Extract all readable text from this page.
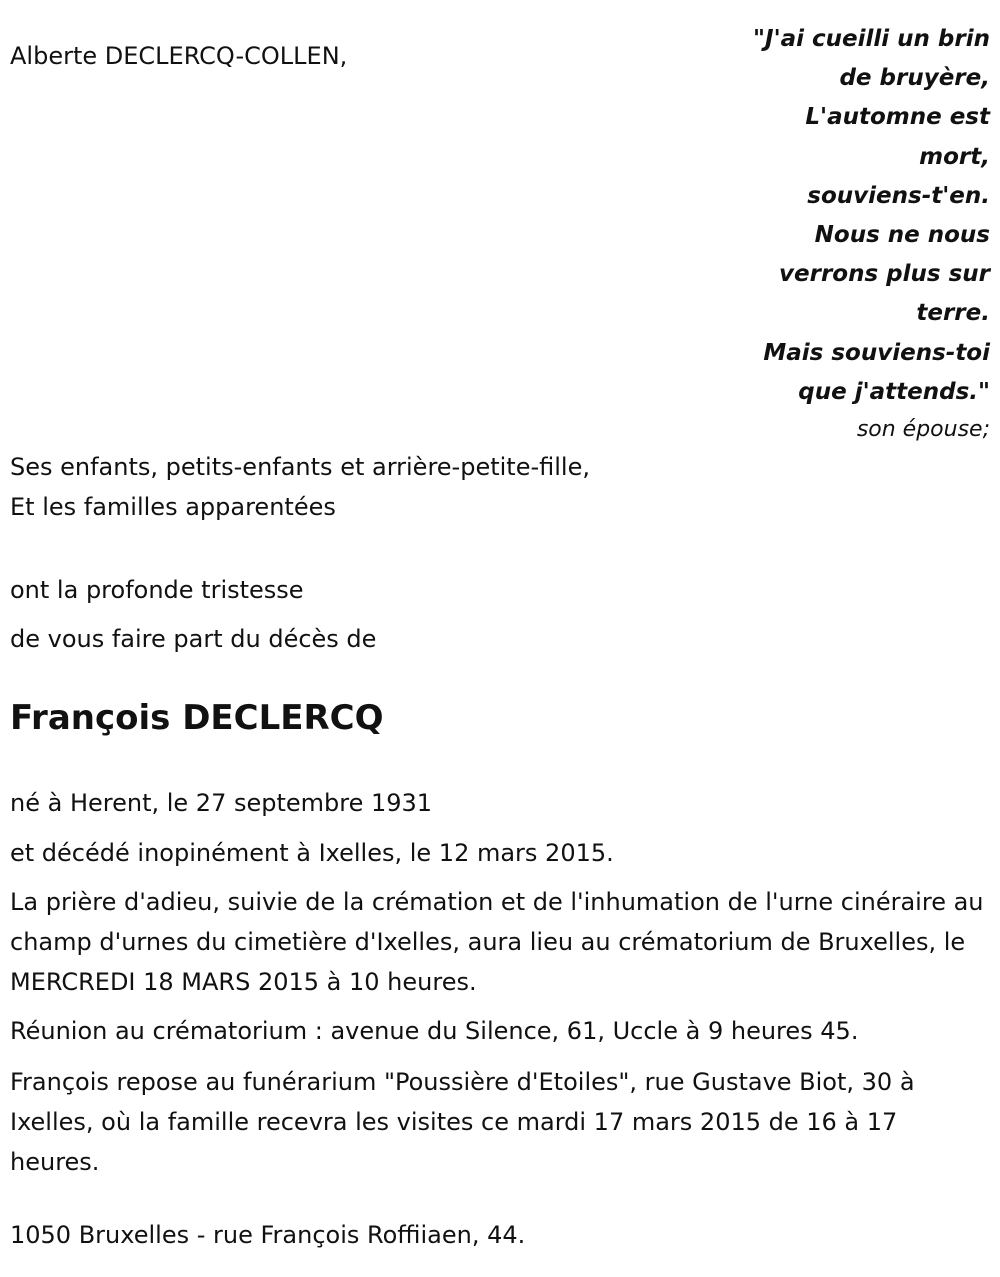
Alberte DECLERCQ-COLLEN,
"J'ai cueilli un brin
de bruyère,
L'automne est
mort,
souviens-t'en.
Nous ne nous
verrons plus sur
terre.
Mais souviens-toi
que j'attends."
son épouse;
Ses enfants, petits-enfants et arrière-petite-fille,
Et les familles apparentées
ont la profonde tristesse
de vous faire part du décès de
François DECLERCQ
né à Herent, le 27 septembre 1931
et décédé inopinément à Ixelles, le 12 mars 2015.
La prière d'adieu, suivie de la crémation et de l'inhumation de l'urne cinéraire au champ d'urnes du cimetière d'Ixelles, aura lieu au crématorium de Bruxelles, le MERCREDI 18 MARS 2015 à 10 heures.
Réunion au crématorium : avenue du Silence, 61, Uccle à 9 heures 45.
François repose au funérarium "Poussière d'Etoiles", rue Gustave Biot, 30 à Ixelles, où la famille recevra les visites ce mardi 17 mars 2015 de 16 à 17 heures.
1050 Bruxelles - rue François Roffiiaen, 44.
